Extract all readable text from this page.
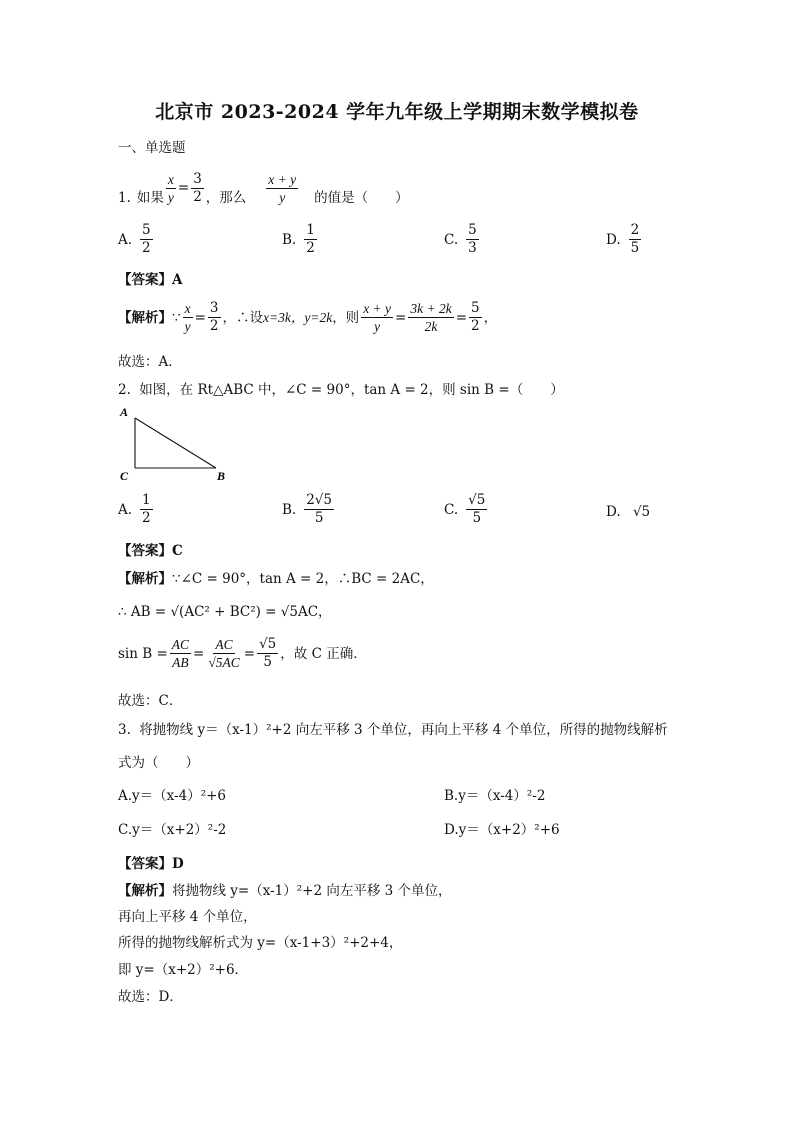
北京市 2023-2024 学年九年级上学期期末数学模拟卷
一、单选题
1. 如果 $\frac{x}{y} = \frac{3}{2}$ ，那么 $\frac{x + y}{y}$ 的值是（　　）
A. $\frac{5}{2}$	B. $\frac{1}{2}$	C. $\frac{5}{3}$	D. $\frac{2}{5}$
【答案】A
【解析】 ∵ $\frac{x}{y} = \frac{3}{2}$ ，∴设 x=3k，y=2k ，则 $\frac{x + y}{y} = \frac{3k + 2k}{2k} = \frac{5}{2}$ ，
故选：A．
2. 如图，在 Rt△ABC 中，∠C = 90°，tan A = 2，则 sin B =（　　）
A
C	B
A. $\frac{1}{2}$	B. $\frac{2√5}{5}$	C. $\frac{√5}{5}$	D. √5
【答案】C
【解析】∵∠C = 90°，tan A = 2，∴BC = 2AC，
∴ AB = √(AC² + BC²) = √5AC，
$\sin B = \frac{AC}{AB} = \frac{AC}{√5AC} = \frac{√5}{5}$ ，故 C 正确．
故选：C．
3. 将抛物线 y＝（x-1）²+2 向左平移 3 个单位，再向上平移 4 个单位，所得的抛物线解析
式为（　　）
A.y＝（x-4）²+6	B.y＝（x-4）²-2
C.y＝（x+2）²-2	D.y＝（x+2）²+6
【答案】D
【解析】将抛物线 y=（x-1）²+2 向左平移 3 个单位，
再向上平移 4 个单位，
所得的抛物线解析式为 y=（x-1+3）²+2+4，
即 y=（x+2）²+6．
故选：D．
